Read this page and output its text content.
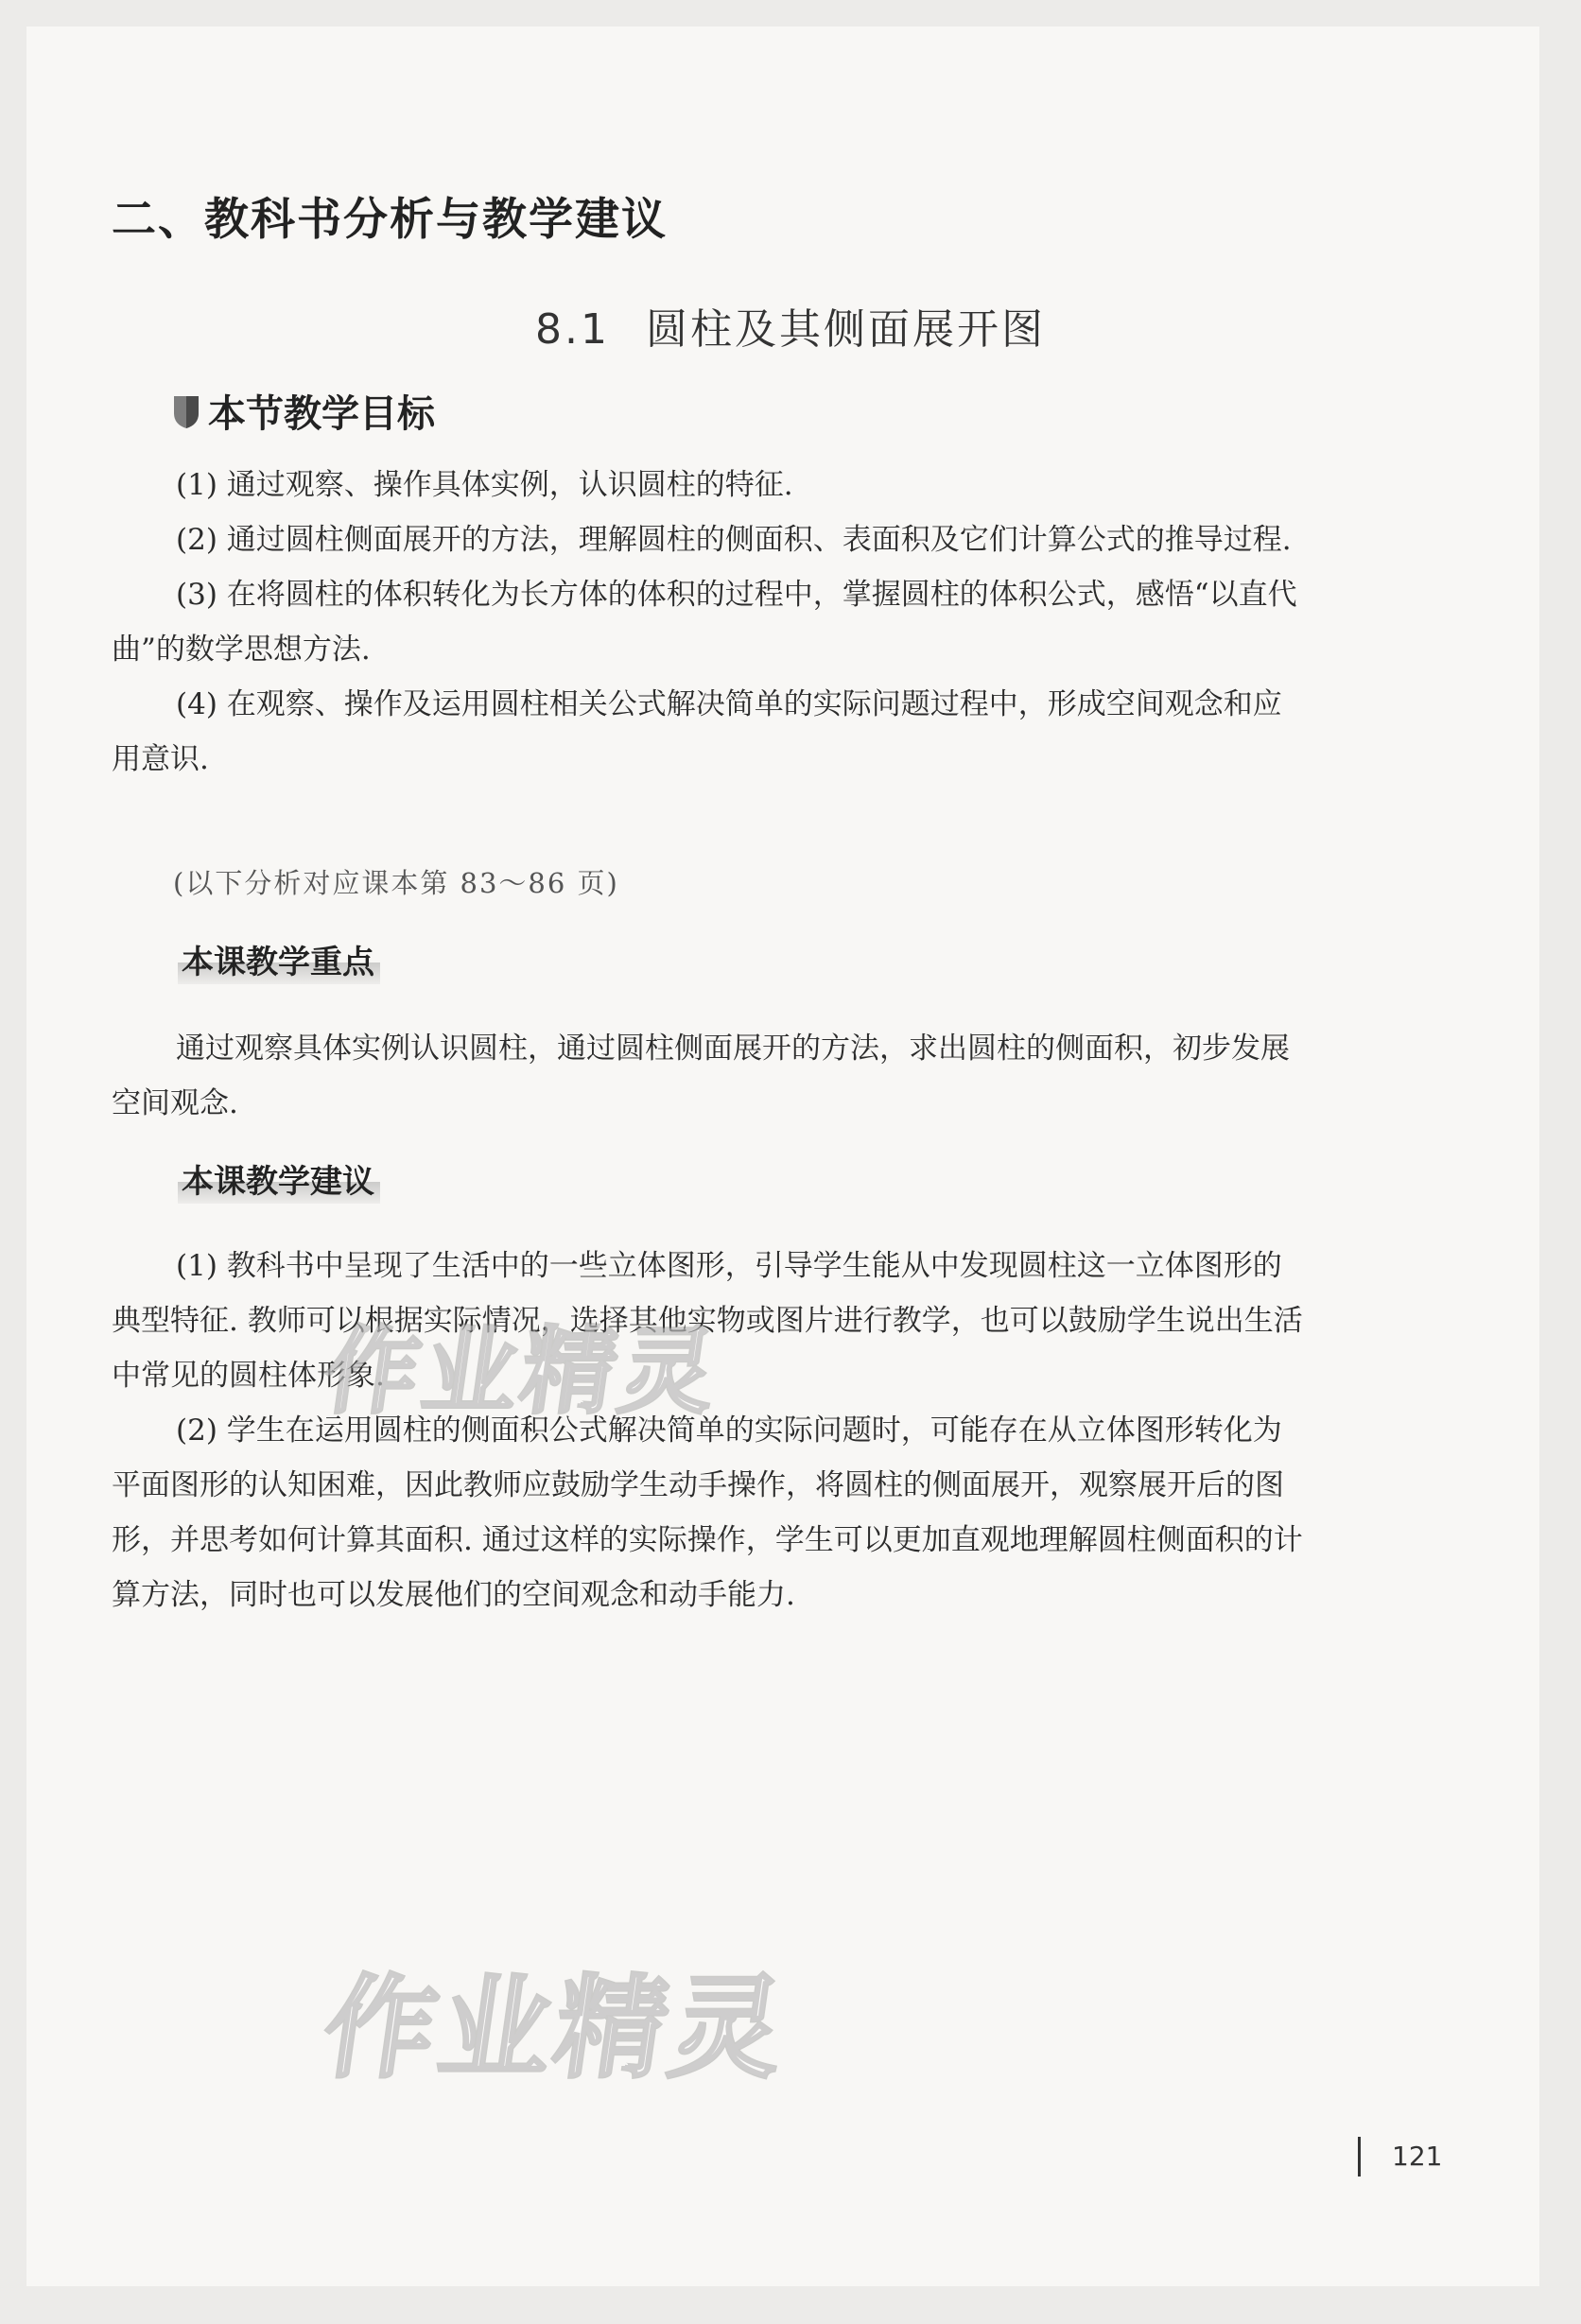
二、教科书分析与教学建议
8.1 圆柱及其侧面展开图
本节教学目标
(1) 通过观察、操作具体实例，认识圆柱的特征.
(2) 通过圆柱侧面展开的方法，理解圆柱的侧面积、表面积及它们计算公式的推导过程.
(3) 在将圆柱的体积转化为长方体的体积的过程中，掌握圆柱的体积公式，感悟“以直代
曲”的数学思想方法.
(4) 在观察、操作及运用圆柱相关公式解决简单的实际问题过程中，形成空间观念和应
用意识.
(以下分析对应课本第 83～86 页)
本课教学重点
通过观察具体实例认识圆柱，通过圆柱侧面展开的方法，求出圆柱的侧面积，初步发展
空间观念.
本课教学建议
(1) 教科书中呈现了生活中的一些立体图形，引导学生能从中发现圆柱这一立体图形的
典型特征. 教师可以根据实际情况，选择其他实物或图片进行教学，也可以鼓励学生说出生活
中常见的圆柱体形象.
(2) 学生在运用圆柱的侧面积公式解决简单的实际问题时，可能存在从立体图形转化为
平面图形的认知困难，因此教师应鼓励学生动手操作，将圆柱的侧面展开，观察展开后的图
形，并思考如何计算其面积. 通过这样的实际操作，学生可以更加直观地理解圆柱侧面积的计
算方法，同时也可以发展他们的空间观念和动手能力.
作业精灵
作业精灵
121
